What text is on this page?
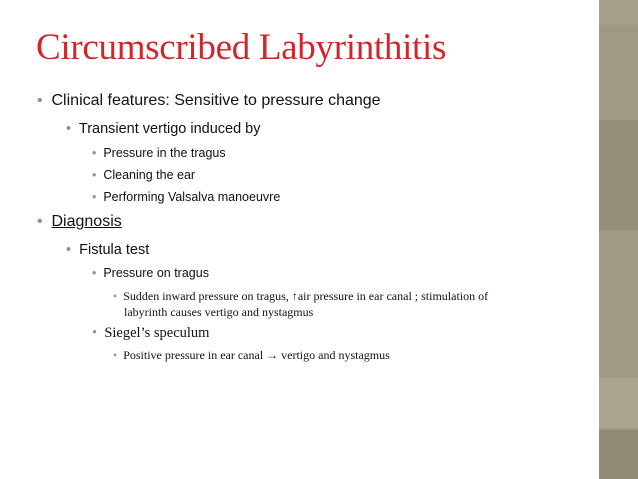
Circumscribed Labyrinthitis
• Clinical features: Sensitive to pressure change
• Transient vertigo induced by
• Pressure in the tragus
• Cleaning the ear
• Performing Valsalva manoeuvre
• Diagnosis
• Fistula test
• Pressure on tragus
• Sudden inward pressure on tragus, ↑air pressure in ear canal ; stimulation of
labyrinth causes vertigo and nystagmus
• Siegel’s speculum
• Positive pressure in ear canal → vertigo and nystagmus
